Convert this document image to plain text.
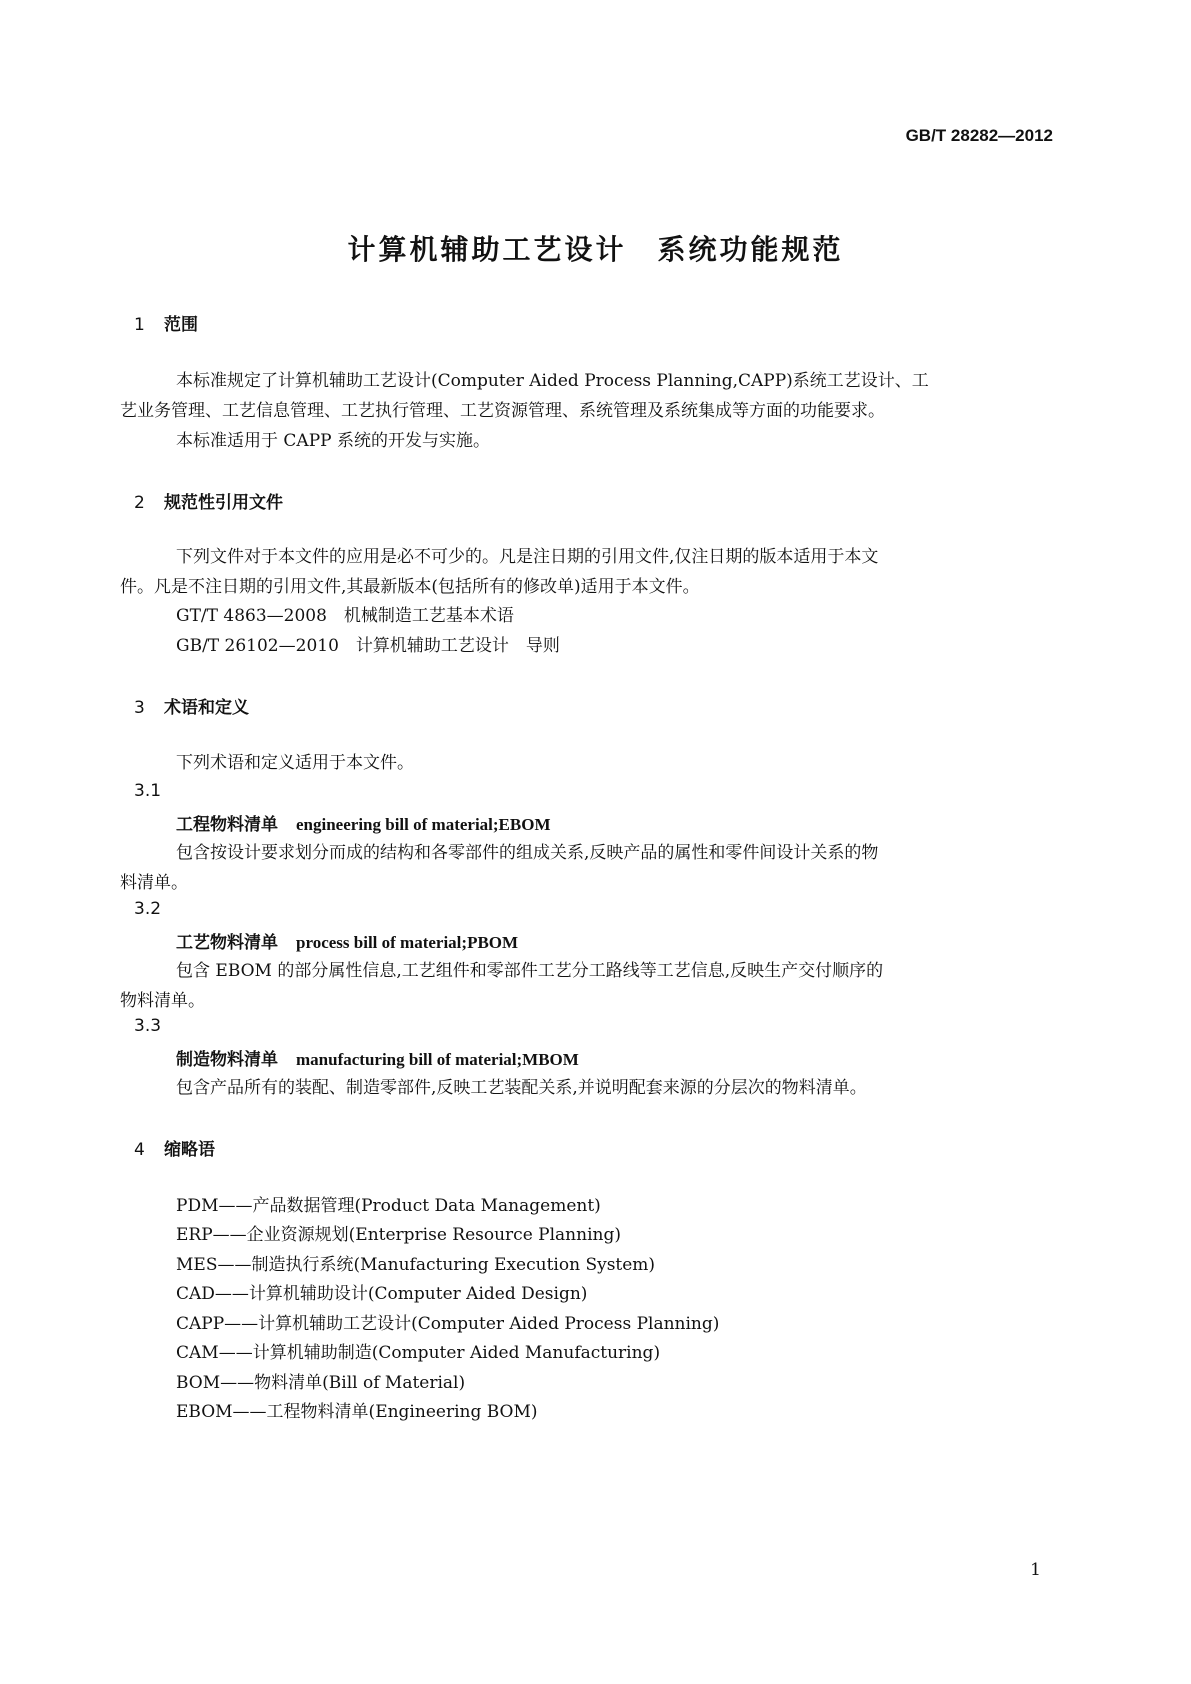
GB/T 28282—2012
计算机辅助工艺设计　系统功能规范
1 范围
本标准规定了计算机辅助工艺设计(Computer Aided Process Planning,CAPP)系统工艺设计、工
艺业务管理、工艺信息管理、工艺执行管理、工艺资源管理、系统管理及系统集成等方面的功能要求。
本标准适用于 CAPP 系统的开发与实施。
2 规范性引用文件
下列文件对于本文件的应用是必不可少的。凡是注日期的引用文件,仅注日期的版本适用于本文
件。凡是不注日期的引用文件,其最新版本(包括所有的修改单)适用于本文件。
GT/T 4863—2008　机械制造工艺基本术语
GB/T 26102—2010　计算机辅助工艺设计　导则
3 术语和定义
下列术语和定义适用于本文件。
3.1
工程物料清单 engineering bill of material;EBOM
包含按设计要求划分而成的结构和各零部件的组成关系,反映产品的属性和零件间设计关系的物
料清单。
3.2
工艺物料清单 process bill of material;PBOM
包含 EBOM 的部分属性信息,工艺组件和零部件工艺分工路线等工艺信息,反映生产交付顺序的
物料清单。
3.3
制造物料清单 manufacturing bill of material;MBOM
包含产品所有的装配、制造零部件,反映工艺装配关系,并说明配套来源的分层次的物料清单。
4 缩略语
PDM——产品数据管理(Product Data Management)
ERP——企业资源规划(Enterprise Resource Planning)
MES——制造执行系统(Manufacturing Execution System)
CAD——计算机辅助设计(Computer Aided Design)
CAPP——计算机辅助工艺设计(Computer Aided Process Planning)
CAM——计算机辅助制造(Computer Aided Manufacturing)
BOM——物料清单(Bill of Material)
EBOM——工程物料清单(Engineering BOM)
1
